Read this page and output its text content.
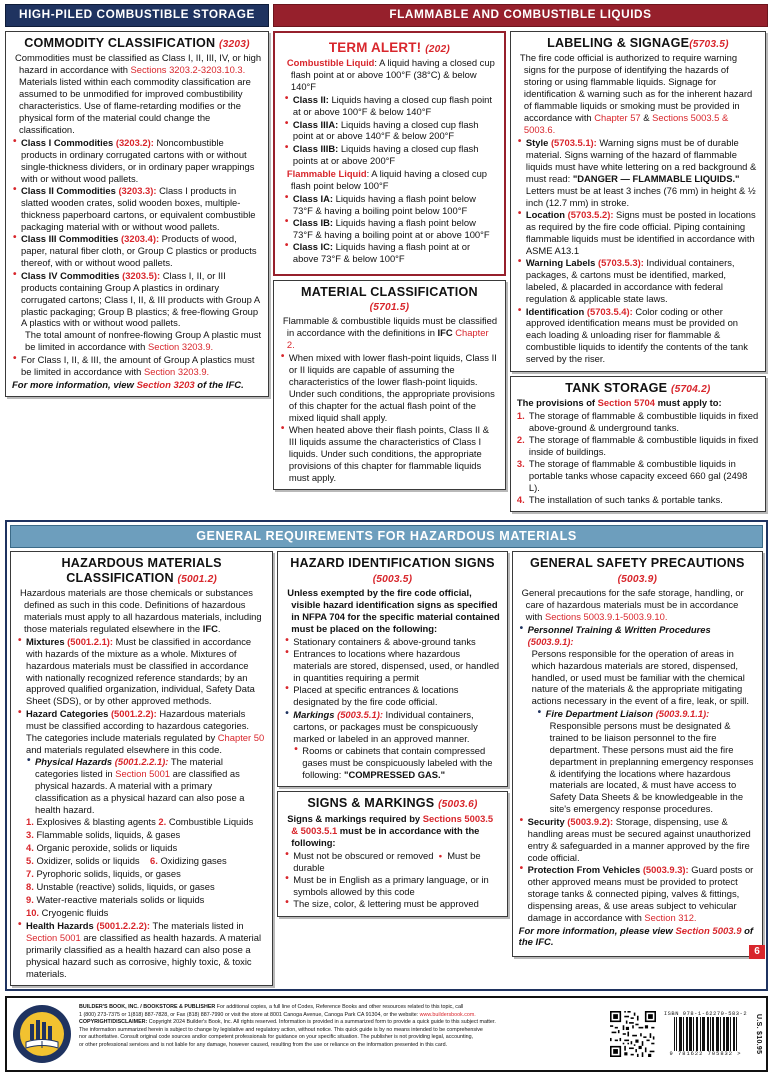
HIGH-PILED COMBUSTIBLE STORAGE
COMMODITY CLASSIFICATION (3203)

Commodities must be classified as Class I, II, III, IV, or high hazard in accordance with Sections 3203.2-3203.10.3. Materials listed within each commodity classification are assumed to be unmodified for improved combustibility characteristics. Use of flame-retarding modifies or the physical form of the material could change the classification.

• Class I Commodities (3203.2): Noncombustible products in ordinary corrugated cartons with or without single-thickness dividers, or in ordinary paper wrappings with or without wood pallets.
• Class II Commodities (3203.3): Class I products in slatted wooden crates, solid wooden boxes, multiple-thickness paperboard cartons, or equivalent combustible packaging material with or without wood pallets.
• Class III Commodities (3203.4): Products of wood, paper, natural fiber cloth, or Group C plastics or products thereof, with or without wood pallets.
• Class IV Commodities (3203.5): Class I, II, or III products containing Group A plastics in ordinary corrugated cartons; Class I, II, & III products with Group A plastic packaging; Group B plastics; & free-flowing Group A plastics with or without wood pallets.
The total amount of nonfree-flowing Group A plastic must be limited in accordance with Section 3203.9.
• For Class I, II, & III, the amount of Group A plastics must be limited in accordance with Section 3203.9.
For more information, view Section 3203 of the IFC.
FLAMMABLE AND COMBUSTIBLE LIQUIDS
TERM ALERT! (202)

Combustible Liquid: A liquid having a closed cup flash point at or above 100°F (38°C) & below 140°F

• Class II: Liquids having a closed cup flash point at or above 100°F & below 140°F
• Class IIIA: Liquids having a closed cup flash point at or above 140°F & below 200°F
• Class IIIB: Liquids having a closed cup flash points at or above 200°F

Flammable Liquid: A liquid having a closed cup flash point below 100°F

• Class IA: Liquids having a flash point below 73°F & having a boiling point below 100°F
• Class IB: Liquids having a flash point below 73°F & having a boiling point at or above 100°F
• Class IC: Liquids having a flash point at or above 73°F & below 100°F
MATERIAL CLASSIFICATION (5701.5)

Flammable & combustible liquids must be classified in accordance with the definitions in IFC Chapter 2.

• When mixed with lower flash-point liquids, Class II or II liquids are capable of assuming the characteristics of the lower flash-point liquids. Under such conditions, the appropriate provisions of this chapter for the actual flash point of the mixed liquid shall apply.
• When heated above their flash points, Class II & III liquids assume the characteristics of Class I liquids. Under such conditions, the appropriate provisions of this chapter for flammable liquids must apply.
LABELING & SIGNAGE(5703.5)

The fire code official is authorized to require warning signs for the purpose of identifying the hazards of storing or using flammable liquids. Signage for identification & warning such as for the inherent hazard of flammable liquids or smoking must be provided in accordance with Chapter 57 & Sections 5003.5 & 5003.6.

• Style (5703.5.1): Warning signs must be of durable material. Signs warning of the hazard of flammable liquids must have white lettering on a red background & must read: "DANGER — FLAMMABLE LIQUIDS." Letters must be at least 3 inches (76 mm) in height & ½ inch (12.7 mm) in stroke.
• Location (5703.5.2): Signs must be posted in locations as required by the fire code official. Piping containing flammable liquids must be identified in accordance with ASME A13.1
• Warning Labels (5703.5.3): Individual containers, packages, & cartons must be identified, marked, labeled, & placarded in accordance with federal regulation & applicable state laws.
• Identification (5703.5.4): Color coding or other approved identification means must be provided on each loading & unloading riser for flammable & combustible liquids to identify the contents of the tank served by the riser.
TANK STORAGE (5704.2)

The provisions of Section 5704 must apply to:

1. The storage of flammable & combustible liquids in fixed above-ground & underground tanks.
2. The storage of flammable & combustible liquids in fixed inside of buildings.
3. The storage of flammable & combustible liquids in portable tanks whose capacity exceed 660 gal (2498 L).
4. The installation of such tanks & portable tanks.
GENERAL REQUIREMENTS FOR HAZARDOUS MATERIALS
HAZARDOUS MATERIALS
CLASSIFICATION (5001.2)

Hazardous materials are those chemicals or substances defined as such in this code. Definitions of hazardous materials must apply to all hazardous materials, including those materials regulated elsewhere in the IFC.

• Mixtures (5001.2.1): Must be classified in accordance with hazards of the mixture as a whole. Mixtures of hazardous materials must be classified in accordance with nationally recognized reference standards; by an approved qualified organization, individual, Safety Data Sheet (SDS), or by other approved methods.
• Hazard Categories (5001.2.2): Hazardous materials must be classified according to hazardous categories. The categories include materials regulated by Chapter 50 and materials regulated elsewhere in this code.
• Physical Hazards (5001.2.2.1): The material categories listed in Section 5001 are classified as physical hazards. A material with a primary classification as a physical hazard can also pose a health hazard.

1. Explosives & blasting agents 2. Combustible Liquids

3. Flammable solids, liquids, & gases

4. Organic peroxide, solids or liquids

5. Oxidizer, solids or liquids 6. Oxidizing gases

7. Pyrophoric solids, liquids, or gases

8. Unstable (reactive) solids, liquids, or gases

9. Water-reactive materials solids or liquids

10. Cryogenic fluids

• Health Hazards (5001.2.2.2): The materials listed in Section 5001 are classified as health hazards. A material primarily classified as a health hazard can also pose a physical hazard such as corrosive, highly toxic, & toxic materials.
HAZARD IDENTIFICATION SIGNS
(5003.5)

Unless exempted by the fire code official, visible hazard identification signs as specified in NFPA 704 for the specific material contained must be placed on the following:

• Stationary containers & above-ground tanks
• Entrances to locations where hazardous materials are stored, dispensed, used, or handled in quantities requiring a permit
• Placed at specific entrances & locations designated by the fire code official.
• Markings (5003.5.1): Individual containers, cartons, or packages must be conspicuously marked or labeled in an approved manner.
• Rooms or cabinets that contain compressed gases must be conspicuously labeled with the following: "COMPRESSED GAS."
SIGNS & MARKINGS (5003.6)

Signs & markings required by Sections 5003.5 & 5003.5.1 must be in accordance with the following:

• Must not be obscured or removed • Must be durable
• Must be in English as a primary language, or in symbols allowed by this code
• The size, color, & lettering must be approved
GENERAL SAFETY PRECAUTIONS
(5003.9)

General precautions for the safe storage, handling, or care of hazardous materials must be in accordance with Sections 5003.9.1-5003.9.10.

• Personnel Training & Written Procedures (5003.9.1):
Persons responsible for the operation of areas in which hazardous materials are stored, dispensed, handled, or used must be familiar with the chemical nature of the materials & the appropriate mitigating actions necessary in the event of a fire, leak, or spill.
• Fire Department Liaison (5003.9.1.1):
Responsible persons must be designated & trained to be liaison personnel to the fire department. These persons must aid the fire department in preplanning emergency responses & identifying the locations where hazardous materials are located, & must have access to Safety Data Sheets & be knowledgeable in the site's emergency response procedures.
• Security (5003.9.2): Storage, dispensing, use & handling areas must be secured against unauthorized entry & safeguarded in a manner approved by the fire code official.
• Protection From Vehicles (5003.9.3): Guard posts or other approved means must be provided to protect storage tanks & connected piping, valves & fittings, dispensing areas, & use areas subject to vehicular damage in accordance with Section 312.
For more information, please view Section 5003.9 of the IFC.
6
BUILDER'S BOOK, INC. / BOOKSTORE & PUBLISHER For additional copies, a full line of Codes, Reference Books and other resources related to this topic, call
1 (800) 273-7375 or 1(818) 887-7828, or Fax (818) 887-7990 or visit the store at 8001 Canoga Avenue, Canoga Park CA 91304, or the website: www.buildersbook.com.
COPYRIGHT/DISCLAIMER: Copyright 2024 Builder's Book, Inc. All rights reserved. Information is provided in a summarized form to provide a quick guide to this subject matter.
The information summarized herein is subject to change by legislative and regulatory action, without notice. This quick guide is by no means intended to be comprehensive
nor authoritative. Consult original code sources and/or competent professionals for guidance on your specific situation. The publisher is not providing legal, accounting,
or other professional services and is not liable for any damage, however caused, resulting from the use or reliance on the information presented in this card.
ISBN 978-1-62270-583-2
9 781622 705832 >	U.S. $10.95
